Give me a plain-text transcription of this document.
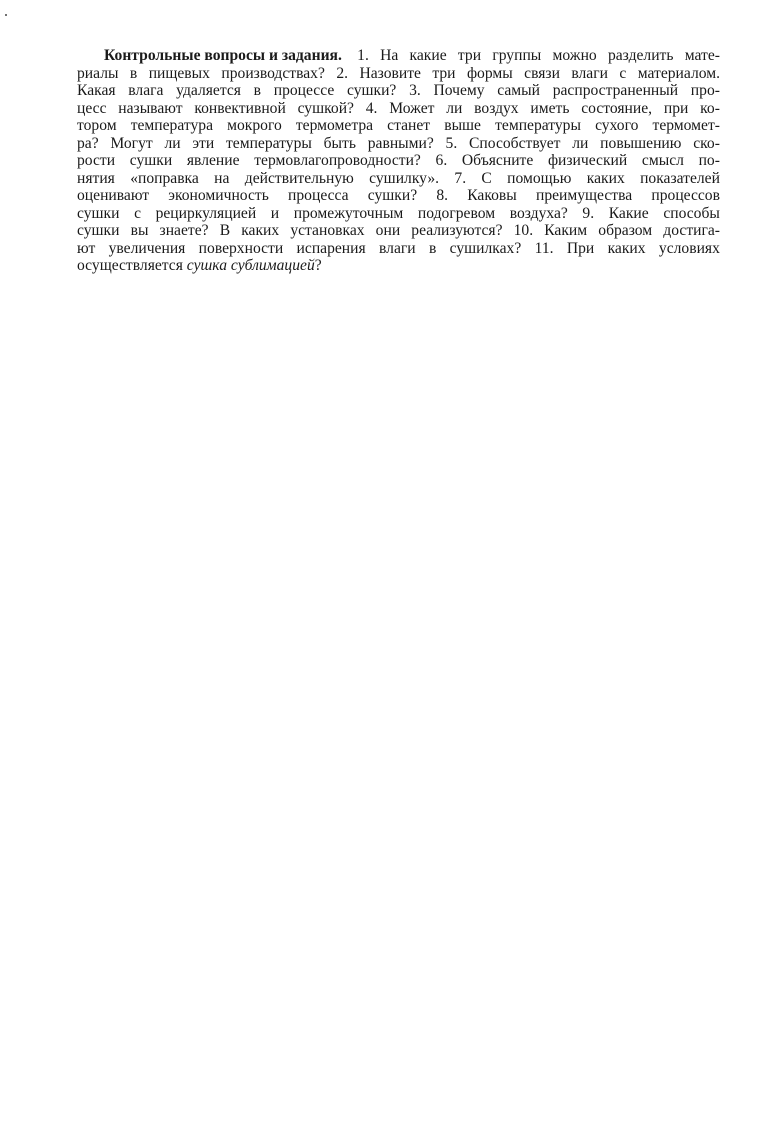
Контрольные вопросы и задания. 1. На какие три группы можно разделить мате-
риалы в пищевых производствах? 2. Назовите три формы связи влаги с материалом.
Какая влага удаляется в процессе сушки? 3. Почему самый распространенный про-
цесс называют конвективной сушкой? 4. Может ли воздух иметь состояние, при ко-
тором температура мокрого термометра станет выше температуры сухого термомет-
ра? Могут ли эти температуры быть равными? 5. Способствует ли повышению ско-
рости сушки явление термовлагопроводности? 6. Объясните физический смысл по-
нятия «поправка на действительную сушилку». 7. С помощью каких показателей
оценивают экономичность процесса сушки? 8. Каковы преимущества процессов
сушки с рециркуляцией и промежуточным подогревом воздуха? 9. Какие способы
сушки вы знаете? В каких установках они реализуются? 10. Каким образом достига-
ют увеличения поверхности испарения влаги в сушилках? 11. При каких условиях
осуществляется сушка сублимацией ?
